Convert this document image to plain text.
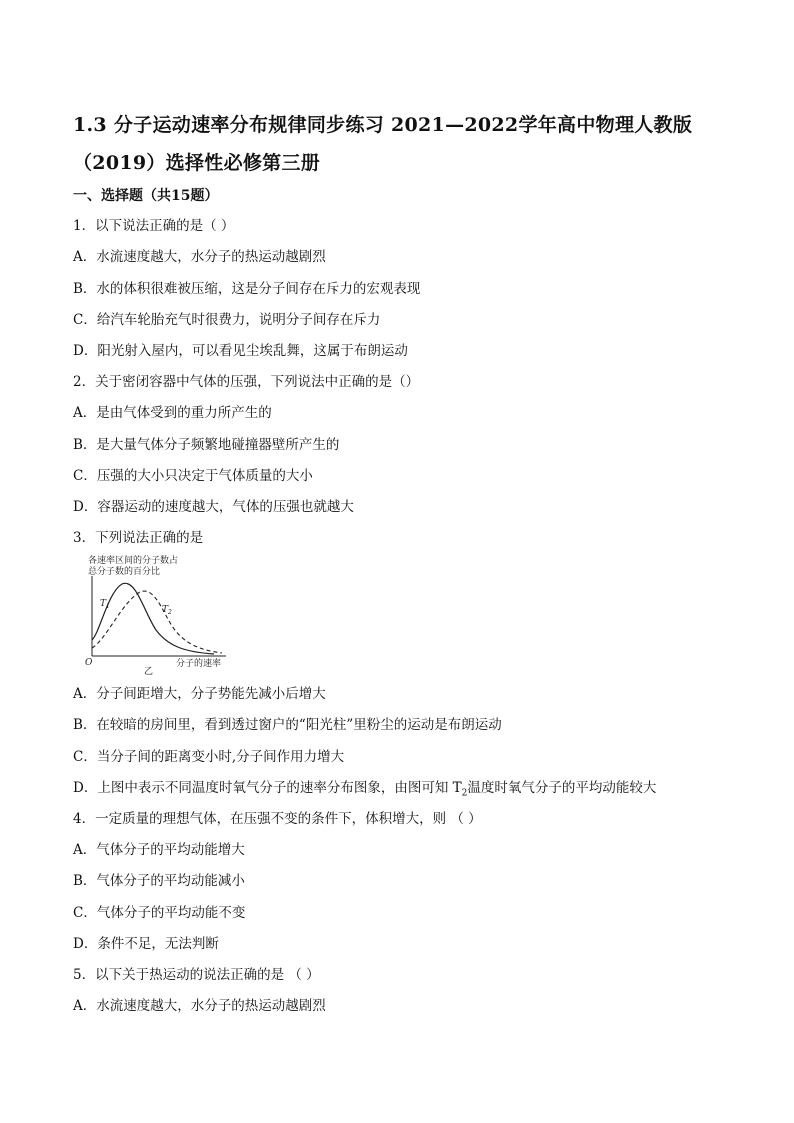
1.3 分子运动速率分布规律同步练习 2021—2022学年高中物理人教版（2019）选择性必修第三册
一、选择题（共15题）
1．以下说法正确的是（ ）
A．水流速度越大，水分子的热运动越剧烈
B．水的体积很难被压缩，这是分子间存在斥力的宏观表现
C．给汽车轮胎充气时很费力，说明分子间存在斥力
D．阳光射入屋内，可以看见尘埃乱舞，这属于布朗运动
2．关于密闭容器中气体的压强，下列说法中正确的是（）
A．是由气体受到的重力所产生的
B．是大量气体分子频繁地碰撞器壁所产生的
C．压强的大小只决定于气体质量的大小
D．容器运动的速度越大，气体的压强也就越大
3．下列说法正确的是
各速率区间的分子数占
总分子数的百分比
$T_1$	$T_2$
O	分子的速率
乙
A．分子间距增大，分子势能先减小后增大
B．在较暗的房间里，看到透过窗户的“阳光柱”里粉尘的运动是布朗运动
C．当分子间的距离变小时,分子间作用力增大
D．上图中表示不同温度时氧气分子的速率分布图象，由图可知 $T_2$温度时氧气分子的平均动能较大
4．一定质量的理想气体，在压强不变的条件下，体积增大，则 （ ）
A．气体分子的平均动能增大
B．气体分子的平均动能减小
C．气体分子的平均动能不变
D．条件不足，无法判断
5．以下关于热运动的说法正确的是 （ ）
A．水流速度越大，水分子的热运动越剧烈
